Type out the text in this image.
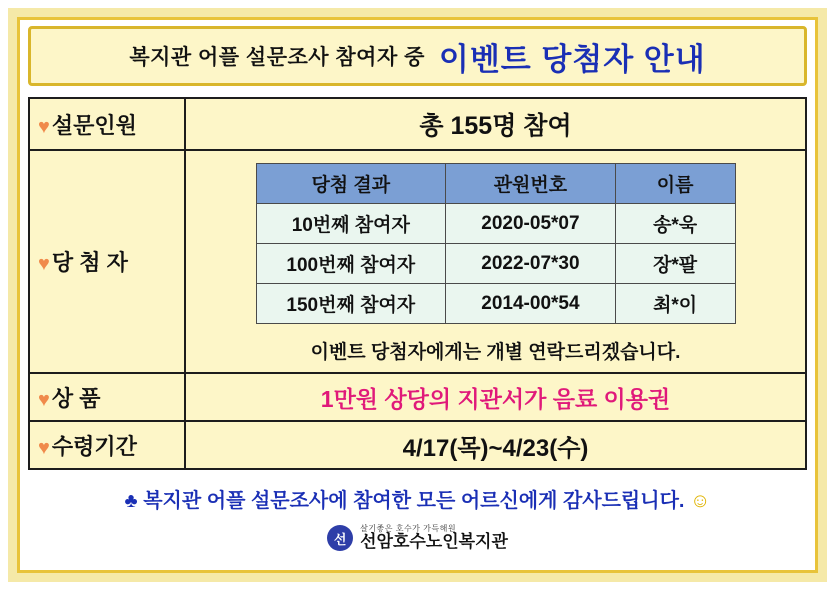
복지관 어플 설문조사 참여자 중 이벤트 당첨자 안내
♥설문인원	총 155명 참여
♥당 첨 자	
당첨 결과	관원번호	이름
10번째 참여자	2020-05*07	송*욱
100번째 참여자	2022-07*30	장*팔
150번째 참여자	2014-00*54	최*이
이벤트 당첨자에게는 개별 연락드리겠습니다.

♥상 품	1만원 상당의 지관서가 음료 이용권
♥수령기간	4/17(목)~4/23(수)
♣ 복지관 어플 설문조사에 참여한 모든 어르신에게 감사드립니다. ☺
선
살기좋은 호수가 가득해원
선암호수노인복지관
